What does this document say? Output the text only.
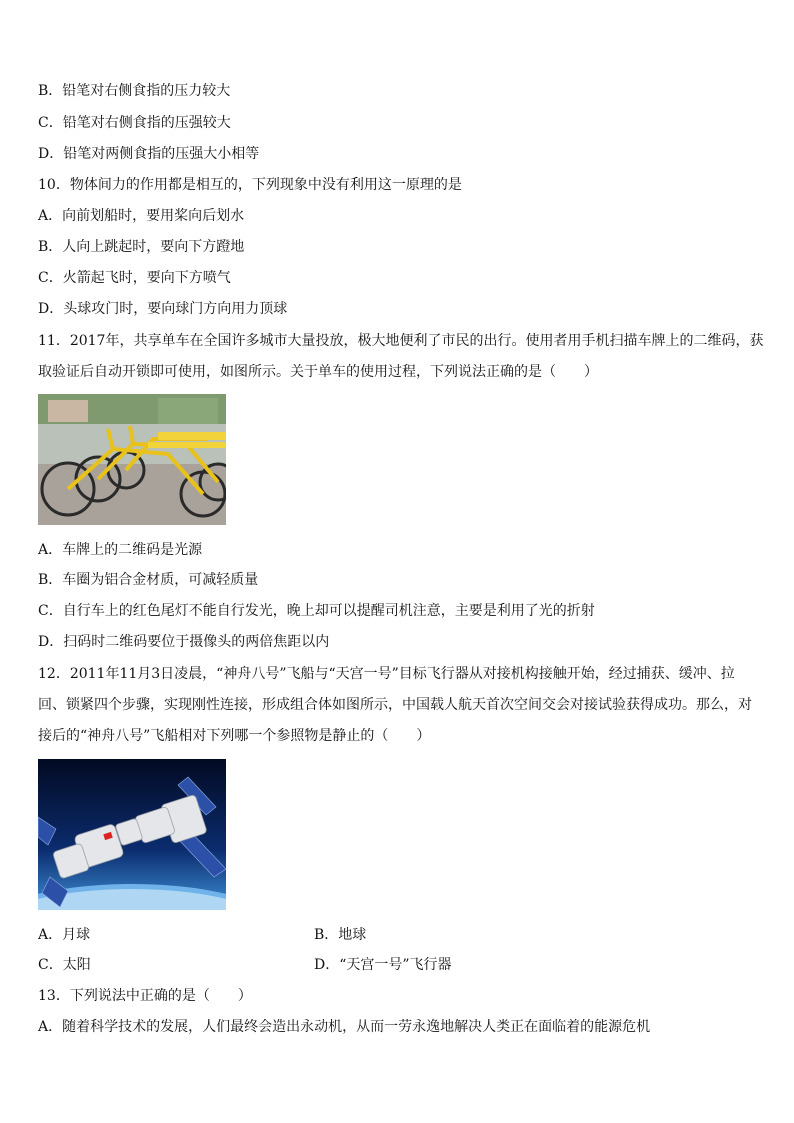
B．铅笔对右侧食指的压力较大
C．铅笔对右侧食指的压强较大
D．铅笔对两侧食指的压强大小相等
10．物体间力的作用都是相互的，下列现象中没有利用这一原理的是
A．向前划船时，要用桨向后划水
B．人向上跳起时，要向下方蹬地
C．火箭起飞时，要向下方喷气
D．头球攻门时，要向球门方向用力顶球
11．2017年，共享单车在全国许多城市大量投放，极大地便利了市民的出行。使用者用手机扫描车牌上的二维码，获
取验证后自动开锁即可使用，如图所示。关于单车的使用过程，下列说法正确的是（　　）
A．车牌上的二维码是光源
B．车圈为铝合金材质，可减轻质量
C．自行车上的红色尾灯不能自行发光，晚上却可以提醒司机注意，主要是利用了光的折射
D．扫码时二维码要位于摄像头的两倍焦距以内
12．2011年11月3日凌晨，“神舟八号”飞船与“天宫一号”目标飞行器从对接机构接触开始，经过捕获、缓冲、拉
回、锁紧四个步骤，实现刚性连接，形成组合体如图所示，中国载人航天首次空间交会对接试验获得成功。那么，对
接后的“神舟八号”飞船相对下列哪一个参照物是静止的（　　）
A．月球	B．地球
C．太阳	D．“天宫一号”飞行器
13．下列说法中正确的是（　　）
A．随着科学技术的发展，人们最终会造出永动机，从而一劳永逸地解决人类正在面临着的能源危机
